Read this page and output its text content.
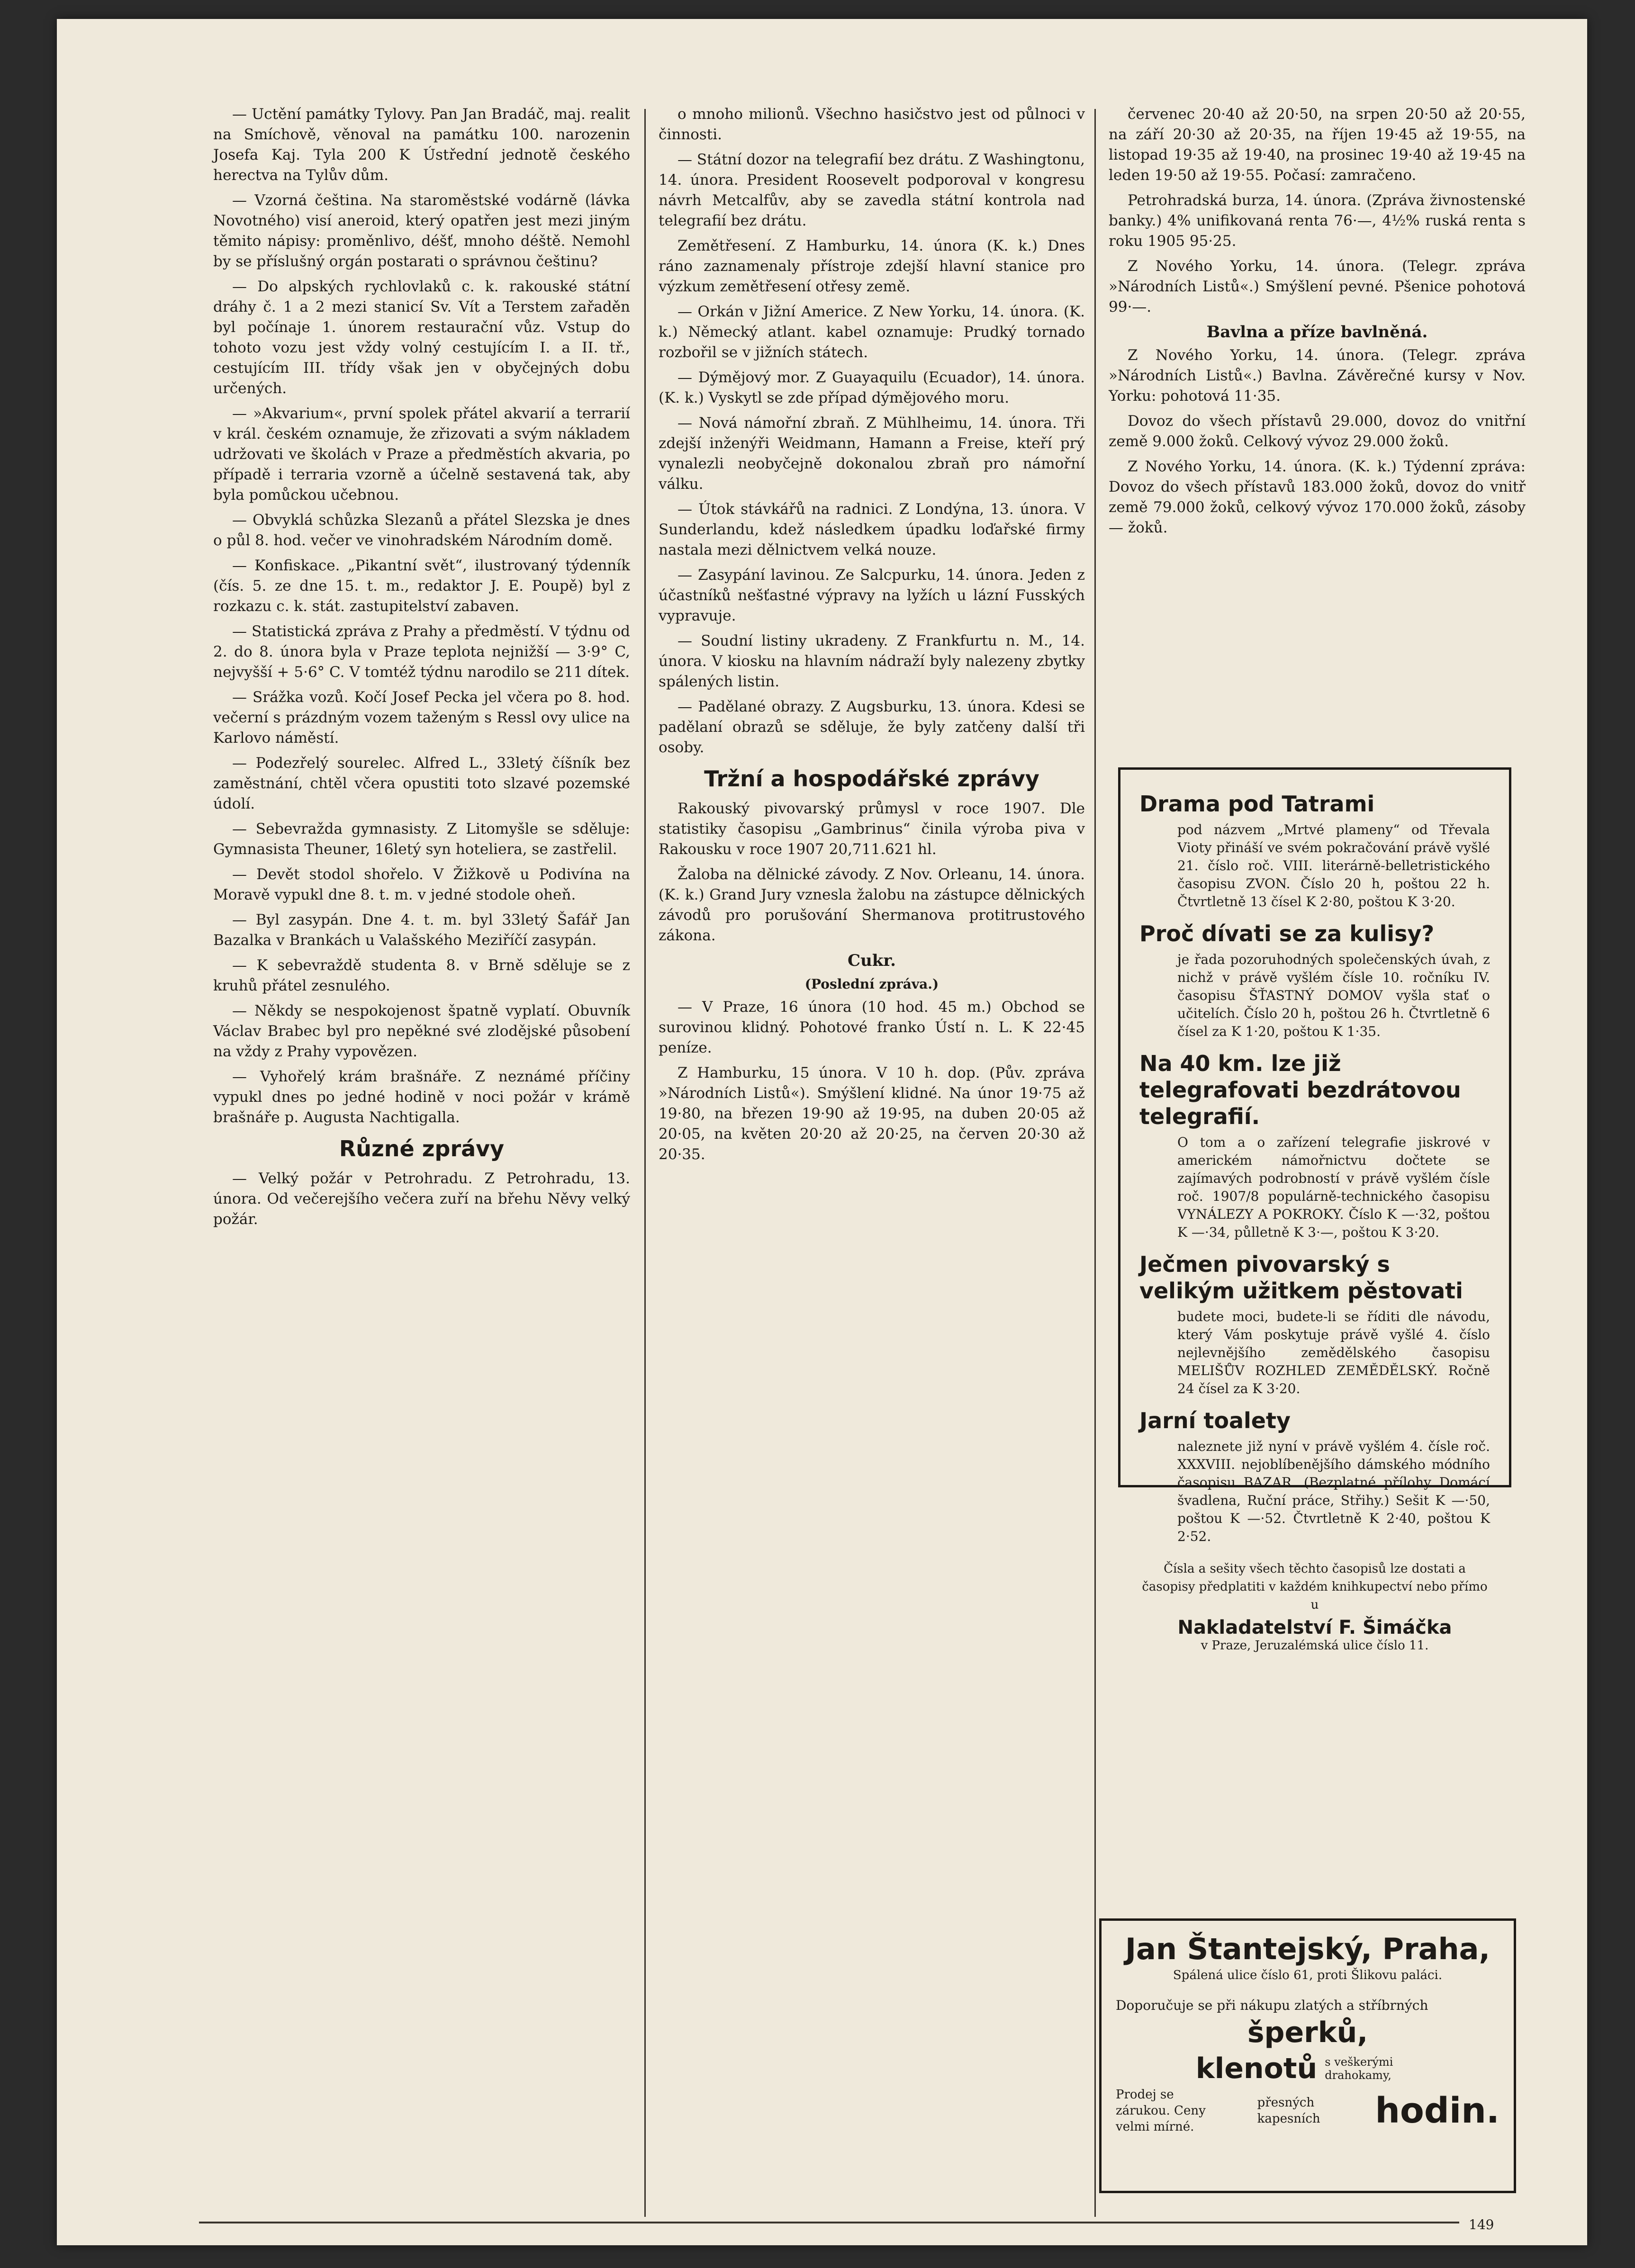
— Uctění památky Tylovy. Pan Jan Bradáč, maj. realit na Smíchově, věnoval na památku 100. narozenin Josefa Kaj. Tyla 200 K Ústřední jednotě českého herectva na Tylův dům.

— Vzorná čeština. Na staroměstské vodárně (lávka Novotného) visí aneroid, který opatřen jest mezi jiným těmito nápisy: proměnlivo, déšť, mnoho déště. Nemohl by se příslušný orgán postarati o správnou češtinu?

— Do alpských rychlovlaků c. k. rakouské státní dráhy č. 1 a 2 mezi stanicí Sv. Vít a Terstem zařaděn byl počínaje 1. únorem restaurační vůz. Vstup do tohoto vozu jest vždy volný cestujícím I. a II. tř., cestujícím III. třídy však jen v obyčejných dobu určených.

— »Akvarium«, první spolek přátel akvarií a terrarií v král. českém oznamuje, že zřizovati a svým nákladem udržovati ve školách v Praze a předměstích akvaria, po případě i terraria vzorně a účelně sestavená tak, aby byla pomůckou učebnou.

— Obvyklá schůzka Slezanů a přátel Slezska je dnes o půl 8. hod. večer ve vinohradském Národním domě.

— Konfiskace. „Pikantní svět“, ilustrovaný týdenník (čís. 5. ze dne 15. t. m., redaktor J. E. Poupě) byl z rozkazu c. k. stát. zastupitelství zabaven.

— Statistická zpráva z Prahy a předměstí. V týdnu od 2. do 8. února byla v Praze teplota nejnižší — 3·9° C, nejvyšší + 5·6° C. V tomtéž týdnu narodilo se 211 dítek.

— Srážka vozů. Kočí Josef Pecka jel včera po 8. hod. večerní s prázdným vozem taženým s Ressl ovy ulice na Karlovo náměstí.

— Podezřelý sourelec. Alfred L., 33letý číšník bez zaměstnání, chtěl včera opustiti toto slzavé pozemské údolí.

— Sebevražda gymnasisty. Z Litomyšle se sděluje: Gymnasista Theuner, 16letý syn hoteliera, se zastřelil.

— Devět stodol shořelo. V Žižkově u Podivína na Moravě vypukl dne 8. t. m. v jedné stodole oheň.

— Byl zasypán. Dne 4. t. m. byl 33letý Šafář Jan Bazalka v Brankách u Valašského Meziříčí zasypán.

— K sebevraždě studenta 8. v Brně sděluje se z kruhů přátel zesnulého.

— Někdy se nespokojenost špatně vyplatí. Obuvník Václav Brabec byl pro nepěkné své zlodějské působení na vždy z Prahy vypovězen.

— Vyhořelý krám brašnáře. Z neznámé příčiny vypukl dnes po jedné hodině v noci požár v krámě brašnáře p. Augusta Nachtigalla.

Různé zprávy

— Velký požár v Petrohradu. Z Petrohradu, 13. února. Od večerejšího večera zuří na břehu Něvy velký požár.

o mnoho milionů. Všechno hasičstvo jest od půlnoci v činnosti.

— Státní dozor na telegrafií bez drátu. Z Washingtonu, 14. února. President Roosevelt podporoval v kongresu návrh Metcalfův, aby se zavedla státní kontrola nad telegrafií bez drátu.

Zemětřesení. Z Hamburku, 14. února (K. k.) Dnes ráno zaznamenaly přístroje zdejší hlavní stanice pro výzkum zemětřesení otřesy země.

— Orkán v Jižní Americe. Z New Yorku, 14. února. (K. k.) Německý atlant. kabel oznamuje: Prudký tornado rozbořil se v jižních státech.

— Dýmějový mor. Z Guayaquilu (Ecuador), 14. února. (K. k.) Vyskytl se zde případ dýmějového moru.

— Nová námořní zbraň. Z Mühlheimu, 14. února. Tři zdejší inženýři Weidmann, Hamann a Freise, kteří prý vynalezli neobyčejně dokonalou zbraň pro námořní válku.

— Útok stávkářů na radnici. Z Londýna, 13. února. V Sunderlandu, kdež následkem úpadku loďařské firmy nastala mezi dělnictvem velká nouze.

— Zasypání lavinou. Ze Salcpurku, 14. února. Jeden z účastníků nešťastné výpravy na lyžích u lázní Fusských vypravuje.

— Soudní listiny ukradeny. Z Frankfurtu n. M., 14. února. V kiosku na hlavním nádraží byly nalezeny zbytky spálených listin.

— Padělané obrazy. Z Augsburku, 13. února. Kdesi se padělaní obrazů se sděluje, že byly zatčeny další tři osoby.

Tržní a hospodářské zprávy

Rakouský pivovarský průmysl v roce 1907. Dle statistiky časopisu „Gambrinus“ činila výroba piva v Rakousku v roce 1907 20,711.621 hl.

Žaloba na dělnické závody. Z Nov. Orleanu, 14. února. (K. k.) Grand Jury vznesla žalobu na zástupce dělnických závodů pro porušování Shermanova protitrustového zákona.

Cukr.
(Poslední zpráva.)

— V Praze, 16 února (10 hod. 45 m.) Obchod se surovinou klidný. Pohotové franko Ústí n. L. K 22·45 peníze.

Z Hamburku, 15 února. V 10 h. dop. (Pův. zpráva »Národních Listů«). Smýšlení klidné. Na únor 19·75 až 19·80, na březen 19·90 až 19·95, na duben 20·05 až 20·05, na květen 20·20 až 20·25, na červen 20·30 až 20·35.

červenec 20·40 až 20·50, na srpen 20·50 až 20·55, na září 20·30 až 20·35, na říjen 19·45 až 19·55, na listopad 19·35 až 19·40, na prosinec 19·40 až 19·45 na leden 19·50 až 19·55. Počasí: zamračeno.

Petrohradská burza, 14. února. (Zpráva živnostenské banky.) 4% unifikovaná renta 76·—, 4½% ruská renta s roku 1905 95·25.

Z Nového Yorku, 14. února. (Telegr. zpráva »Národních Listů«.) Smýšlení pevné. Pšenice pohotová 99·—.

Bavlna a příze bavlněná.

Z Nového Yorku, 14. února. (Telegr. zpráva »Národních Listů«.) Bavlna. Závěrečné kursy v Nov. Yorku: pohotová 11·35.

Dovoz do všech přístavů 29.000, dovoz do vnitřní země 9.000 žoků. Celkový vývoz 29.000 žoků.

Z Nového Yorku, 14. února. (K. k.) Týdenní zpráva: Dovoz do všech přístavů 183.000 žoků, dovoz do vnitř země 79.000 žoků, celkový vývoz 170.000 žoků, zásoby — žoků.

Drama pod Tatrami
pod názvem „Mrtvé plameny“ od Třevala Vioty přináší ve svém pokračování právě vyšlé 21. číslo roč. VIII. literárně-belletristického časopisu ZVON. Číslo 20 h, poštou 22 h. Čtvrtletně 13 čísel K 2·80, poštou K 3·20.
Proč dívati se za kulisy?
je řada pozoruhodných společenských úvah, z nichž v právě vyšlém čísle 10. ročníku IV. časopisu ŠŤASTNÝ DOMOV vyšla stať o učitelích. Číslo 20 h, poštou 26 h. Čtvrtletně 6 čísel za K 1·20, poštou K 1·35.
Na 40 km. lze již telegrafovati bezdrátovou telegrafií.
O tom a o zařízení telegrafie jiskrové v americkém námořnictvu dočtete se zajímavých podrobností v právě vyšlém čísle roč. 1907/8 populárně-technického časopisu VYNÁLEZY A POKROKY. Číslo K —·32, poštou K —·34, půlletně K 3·—, poštou K 3·20.
Ječmen pivovarský s velikým užitkem pěstovati
budete moci, budete-li se říditi dle návodu, který Vám poskytuje právě vyšlé 4. číslo nejlevnějšího zemědělského časopisu MELIŠŮV ROZHLED ZEMĚDĚLSKÝ. Ročně 24 čísel za K 3·20.
Jarní toalety
naleznete již nyní v právě vyšlém 4. čísle roč. XXXVIII. nejoblíbenějšího dámského módního časopisu BAZAR. (Bezplatné přílohy Domácí švadlena, Ruční práce, Střihy.) Sešit K —·50, poštou K —·52. Čtvrtletně K 2·40, poštou K 2·52.
Čísla a sešity všech těchto časopisů lze dostati a časopisy předplatiti v každém knihkupectví nebo přímo u
Nakladatelství F. Šimáčka
v Praze, Jeruzalémská ulice číslo 11.
Jan Štantejský, Praha,
Spálená ulice číslo 61, proti Šlikovu paláci.
Doporučuje se při nákupu zlatých a stříbrných
šperků,
klenotů s veškerými drahokamy,
Prodej se zárukou. Ceny velmi mírné.
přesných kapesních	hodin.
149
